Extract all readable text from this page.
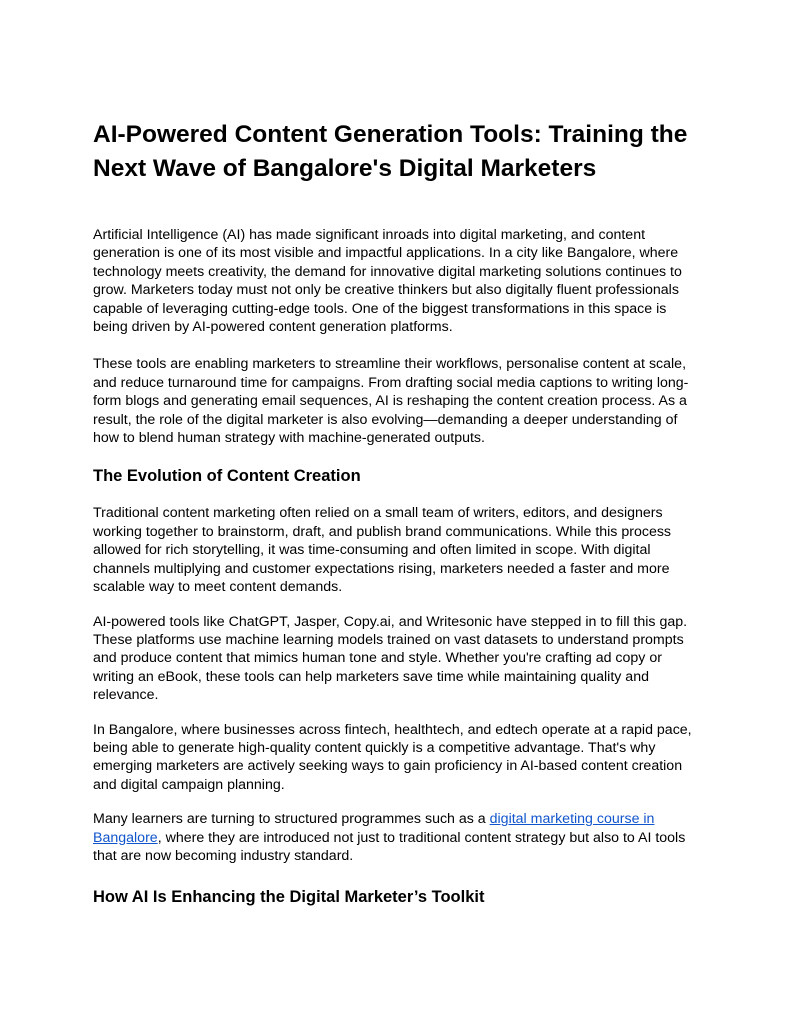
AI-Powered Content Generation Tools: Training the Next Wave of Bangalore's Digital Marketers

Artificial Intelligence (AI) has made significant inroads into digital marketing, and content generation is one of its most visible and impactful applications. In a city like Bangalore, where technology meets creativity, the demand for innovative digital marketing solutions continues to grow. Marketers today must not only be creative thinkers but also digitally fluent professionals capable of leveraging cutting-edge tools. One of the biggest transformations in this space is being driven by AI-powered content generation platforms.

These tools are enabling marketers to streamline their workflows, personalise content at scale, and reduce turnaround time for campaigns. From drafting social media captions to writing long-form blogs and generating email sequences, AI is reshaping the content creation process. As a result, the role of the digital marketer is also evolving—demanding a deeper understanding of how to blend human strategy with machine-generated outputs.

The Evolution of Content Creation

Traditional content marketing often relied on a small team of writers, editors, and designers working together to brainstorm, draft, and publish brand communications. While this process allowed for rich storytelling, it was time-consuming and often limited in scope. With digital channels multiplying and customer expectations rising, marketers needed a faster and more scalable way to meet content demands.

AI-powered tools like ChatGPT, Jasper, Copy.ai, and Writesonic have stepped in to fill this gap. These platforms use machine learning models trained on vast datasets to understand prompts and produce content that mimics human tone and style. Whether you're crafting ad copy or writing an eBook, these tools can help marketers save time while maintaining quality and relevance.

In Bangalore, where businesses across fintech, healthtech, and edtech operate at a rapid pace, being able to generate high-quality content quickly is a competitive advantage. That's why emerging marketers are actively seeking ways to gain proficiency in AI-based content creation and digital campaign planning.

Many learners are turning to structured programmes such as a digital marketing course in Bangalore, where they are introduced not just to traditional content strategy but also to AI tools that are now becoming industry standard.

How AI Is Enhancing the Digital Marketer’s Toolkit
